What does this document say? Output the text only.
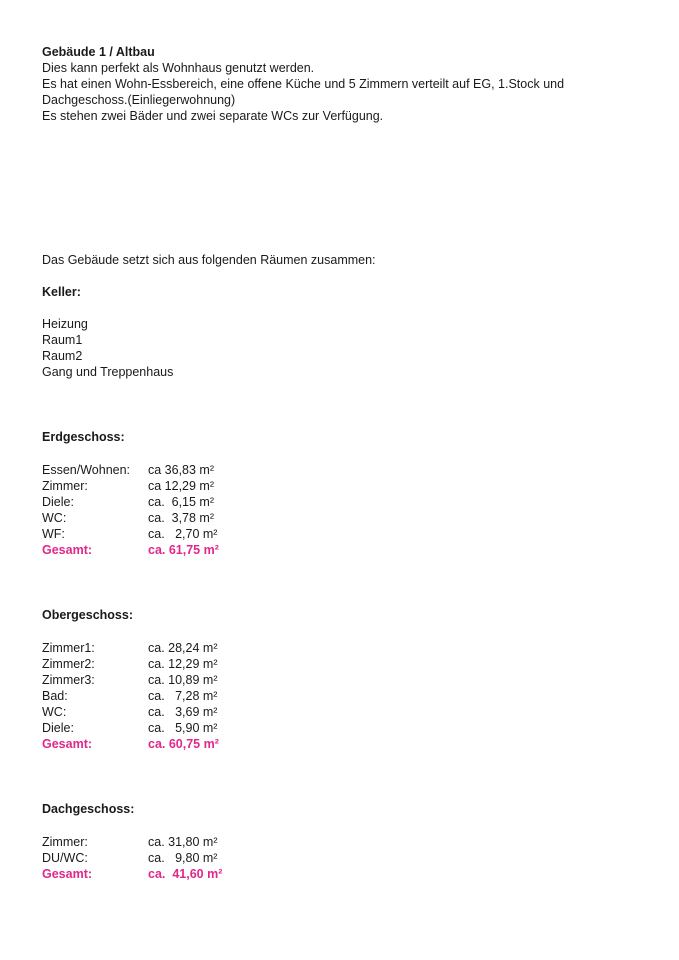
Gebäude 1 / Altbau

Dies kann perfekt als Wohnhaus genutzt werden.

Es hat einen Wohn-Essbereich, eine offene Küche und 5 Zimmern verteilt auf EG, 1.Stock und

Dachgeschoss.(Einliegerwohnung)

Es stehen zwei Bäder und zwei separate WCs zur Verfügung.

Das Gebäude setzt sich aus folgenden Räumen zusammen:

Keller:

Heizung
Raum1
Raum2
Gang und Treppenhaus

Erdgeschoss:

Essen/Wohnen:	ca 36,83 m²
Zimmer:	ca 12,29 m²
Diele:	ca.  6,15 m²
WC:	ca.  3,78 m²
WF:	ca.   2,70 m²
Gesamt:	ca. 61,75 m²

Obergeschoss:

Zimmer1:	ca. 28,24 m²
Zimmer2:	ca. 12,29 m²
Zimmer3:	ca. 10,89 m²
Bad:	ca.   7,28 m²
WC:	ca.   3,69 m²
Diele:	ca.   5,90 m²
Gesamt:	ca. 60,75 m²

Dachgeschoss:

Zimmer:	ca. 31,80 m²
DU/WC:	ca.   9,80 m²
Gesamt:	ca.  41,60 m²
